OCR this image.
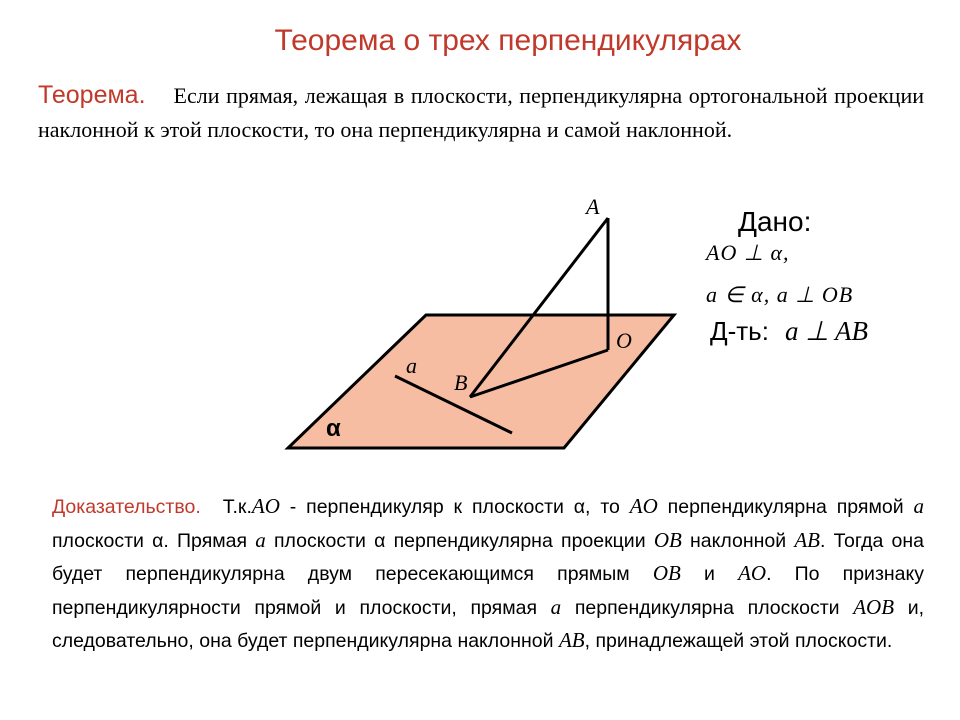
Теорема о трех перпендикулярах
Теорема. Если прямая, лежащая в плоскости, перпендикулярна ортогональной проекции наклонной к этой плоскости, то она перпендикулярна и самой наклонной.
A
O
B
a
α
Дано:
AO ⊥ α,
a ∈ α, a ⊥ OB
Д-ть: a ⊥ AB
Доказательство. Т.к.AO - перпендикуляр к плоскости α, то AO перпендикулярна прямой a плоскости α. Прямая a плоскости α перпендикулярна проекции OB наклонной AB. Тогда она будет перпендикулярна двум пересекающимся прямым OB и AO. По признаку перпендикулярности прямой и плоскости, прямая a перпендикулярна плоскости AOB и, следовательно, она будет перпендикулярна наклонной AB, принадлежащей этой плоскости.
